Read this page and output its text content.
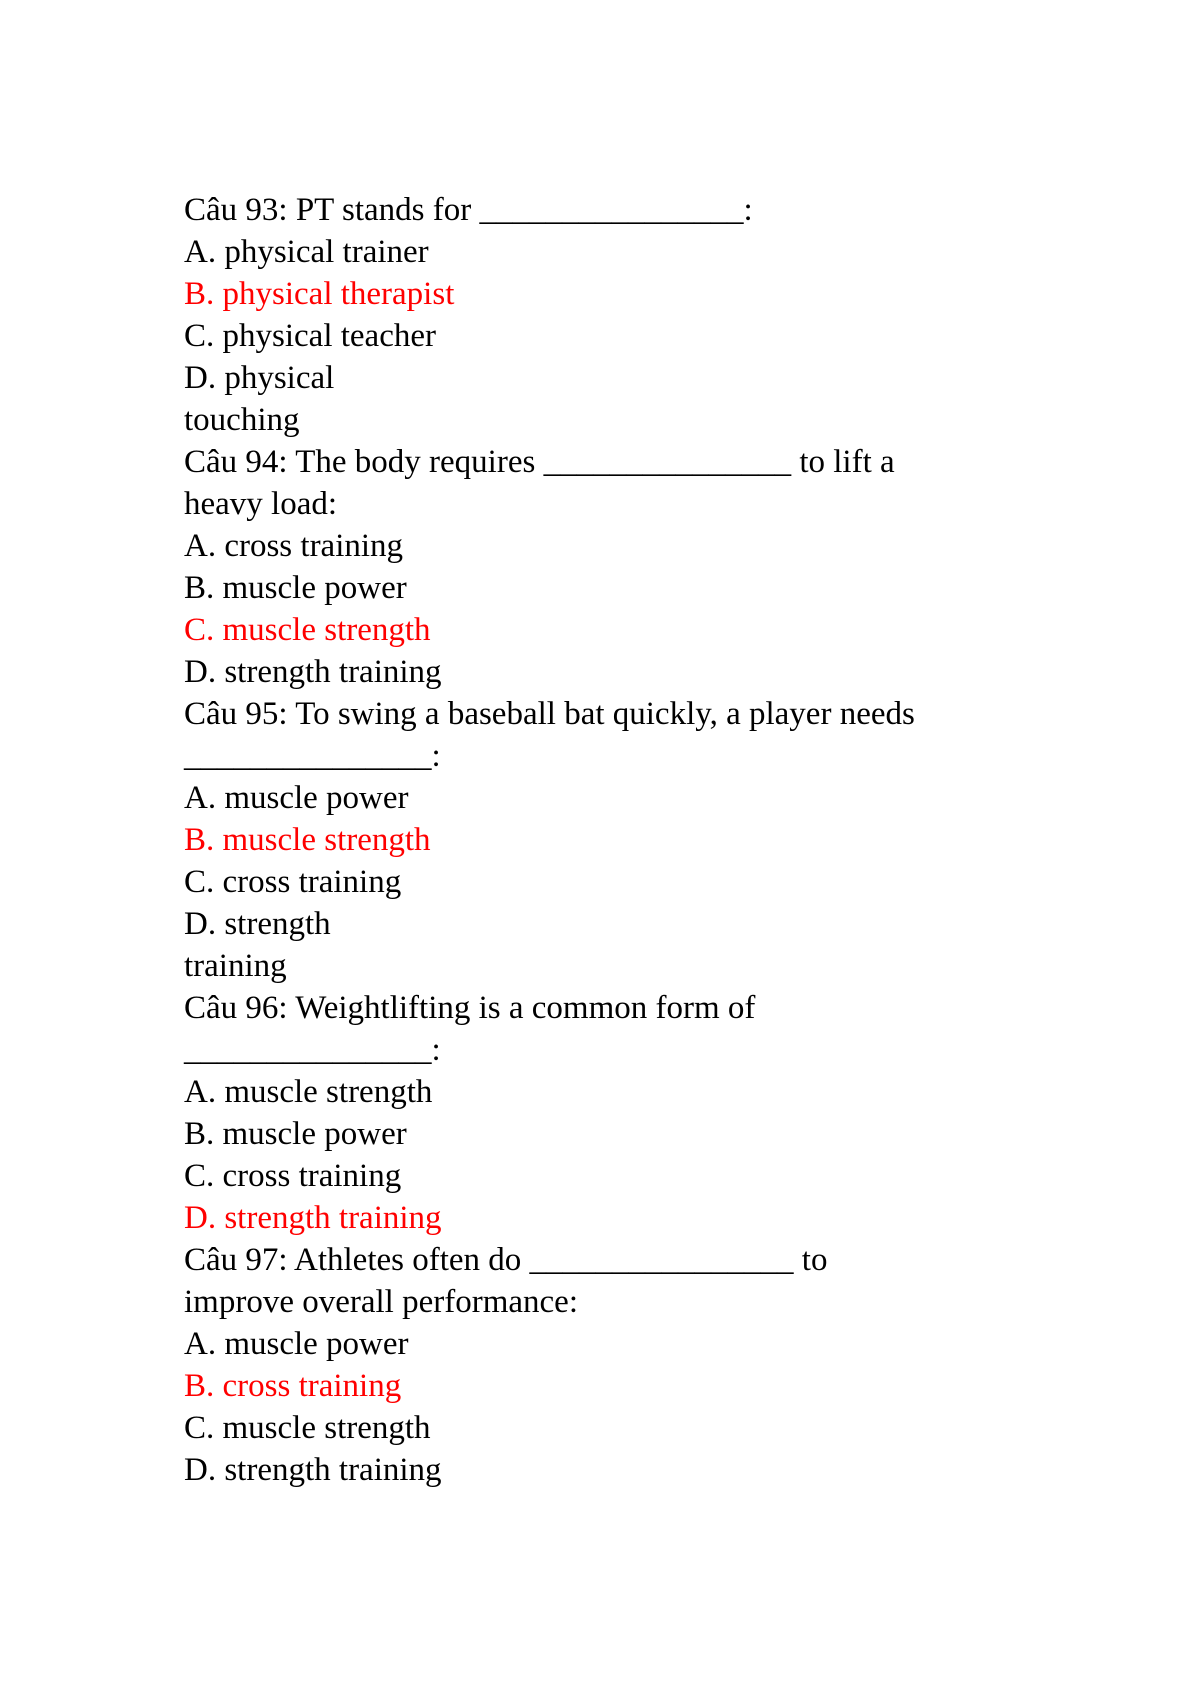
Câu 93: PT stands for ________________:
A. physical trainer
B. physical therapist
C. physical teacher
D. physical
touching
Câu 94: The body requires _______________ to lift a
heavy load:
A. cross training
B. muscle power
C. muscle strength
D. strength training
Câu 95: To swing a baseball bat quickly, a player needs
_______________:
A. muscle power
B. muscle strength
C. cross training
D. strength
training
Câu 96: Weightlifting is a common form of
_______________:
A. muscle strength
B. muscle power
C. cross training
D. strength training
Câu 97: Athletes often do ________________ to
improve overall performance:
A. muscle power
B. cross training
C. muscle strength
D. strength training
